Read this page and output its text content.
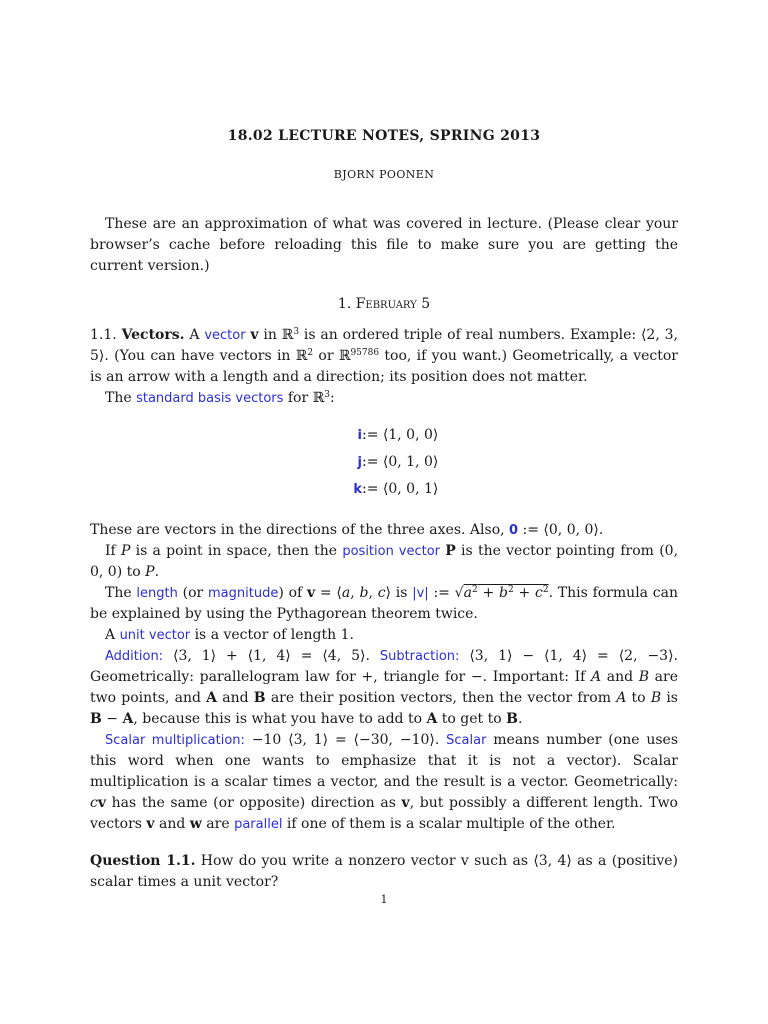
18.02 LECTURE NOTES, SPRING 2013
BJORN POONEN

These are an approximation of what was covered in lecture. (Please clear your browser’s cache before reloading this file to make sure you are getting the current version.)

1. February 5

1.1. Vectors. A vector v in ℝ$^3$ is an ordered triple of real numbers. Example: ⟨2, 3, 5⟩. (You can have vectors in ℝ$^2$ or ℝ$^{95786}$ too, if you want.) Geometrically, a vector is an arrow with a length and a direction; its position does not matter.

The standard basis vectors for ℝ$^3$:

i:= ⟨1, 0, 0⟩
j:= ⟨0, 1, 0⟩
k:= ⟨0, 0, 1⟩

These are vectors in the directions of the three axes. Also, 0 := ⟨0, 0, 0⟩.

If P is a point in space, then the position vector P is the vector pointing from (0, 0, 0) to P.

The length (or magnitude) of v = ⟨a, b, c⟩ is |v| := $√a^2 + b^2 + c^2$. This formula can be explained by using the Pythagorean theorem twice.

A unit vector is a vector of length 1.

Addition: ⟨3, 1⟩ + ⟨1, 4⟩ = ⟨4, 5⟩. Subtraction: ⟨3, 1⟩ − ⟨1, 4⟩ = ⟨2, −3⟩. Geometrically: parallelogram law for +, triangle for −. Important: If A and B are two points, and A and B are their position vectors, then the vector from A to B is B − A, because this is what you have to add to A to get to B.

Scalar multiplication: −10 ⟨3, 1⟩ = ⟨−30, −10⟩. Scalar means number (one uses this word when one wants to emphasize that it is not a vector). Scalar multiplication is a scalar times a vector, and the result is a vector. Geometrically: cv has the same (or opposite) direction as v, but possibly a different length. Two vectors v and w are parallel if one of them is a scalar multiple of the other.

Question 1.1. How do you write a nonzero vector v such as ⟨3, 4⟩ as a (positive) scalar times a unit vector?

1
